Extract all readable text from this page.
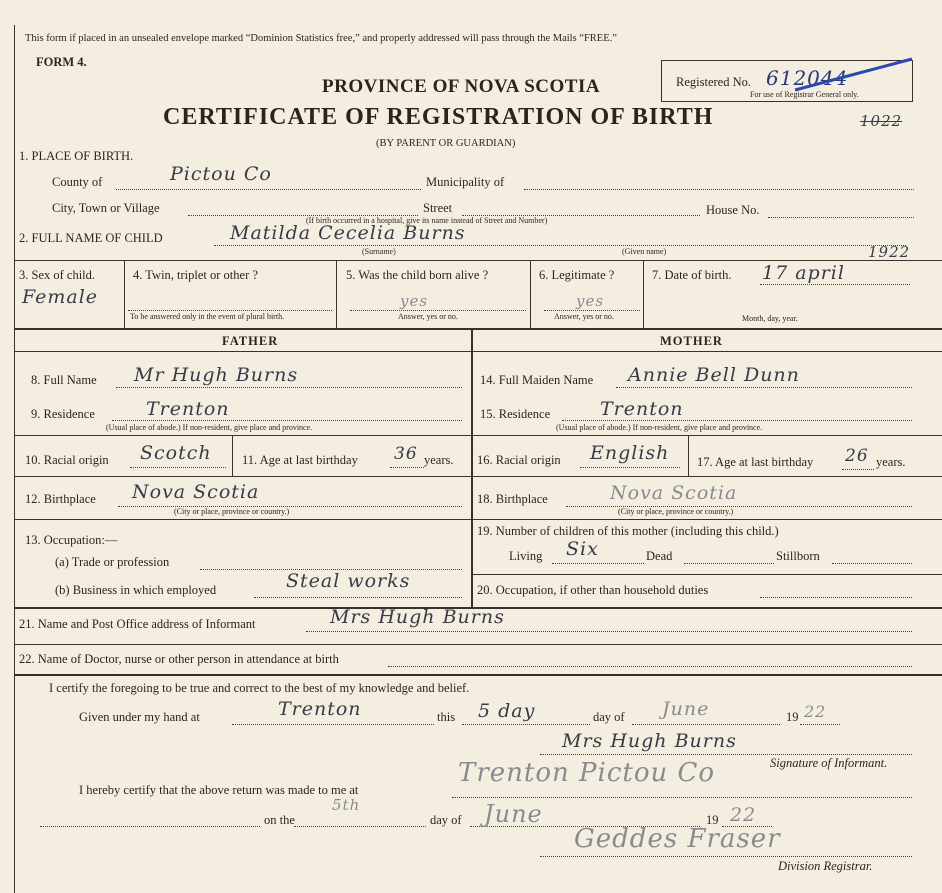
This form if placed in an unsealed envelope marked “Dominion Statistics free,” and properly addressed will pass through the Mails “FREE.”
FORM 4.
PROVINCE OF NOVA SCOTIA
CERTIFICATE OF REGISTRATION OF BIRTH
(BY PARENT OR GUARDIAN)
Registered No. 612044
For use of Registrar General only.
1022
1. PLACE OF BIRTH.
County of	Pictou Co	Municipality of
City, Town or Village	Street	House No.
(If birth occurred in a hospital, give its name instead of Street and Number)
2. FULL NAME OF CHILD	Matilda Cecelia Burns
(Surname)	(Given name)	1922
3. Sex of child.
Female
4. Twin, triplet or other ?
To be answered only in the event of plural birth.
5. Was the child born alive ?
yes
Answer, yes or no.
6. Legitimate ?
yes
Answer, yes or no.
7. Date of birth. 17 april
Month, day, year.
FATHER	MOTHER
8. Full Name Mr Hugh Burns	14. Full Maiden Name Annie Bell Dunn
9. Residence	Trenton
(Usual place of abode.) If non-resident, give place and province.
15. Residence	Trenton
(Usual place of abode.) If non-resident, give place and province.
10. Racial origin Scotch 11. Age at last birthday 36 years. 16. Racial origin English 17. Age at last birthday 26 years.
12. Birthplace Nova Scotia
(City or place, province or country.)
18. Birthplace	Nova Scotia
(City or place, province or country.)
13. Occupation:—
(a) Trade or profession
(b) Business in which employed	Steal works
19. Number of children of this mother (including this child.)
Living Six	Dead	Stillborn
20. Occupation, if other than household duties
21. Name and Post Office address of Informant	Mrs Hugh Burns
22. Name of Doctor, nurse or other person in attendance at birth
I certify the foregoing to be true and correct to the best of my knowledge and belief.
Given under my hand at	Trenton	this 5 day	day of June	19 22
Mrs Hugh Burns
Signature of Informant.
I hereby certify that the above return was made to me at
Trenton Pictou Co
on the
5th
day of June	19 22
Geddes Fraser
Division Registrar.
